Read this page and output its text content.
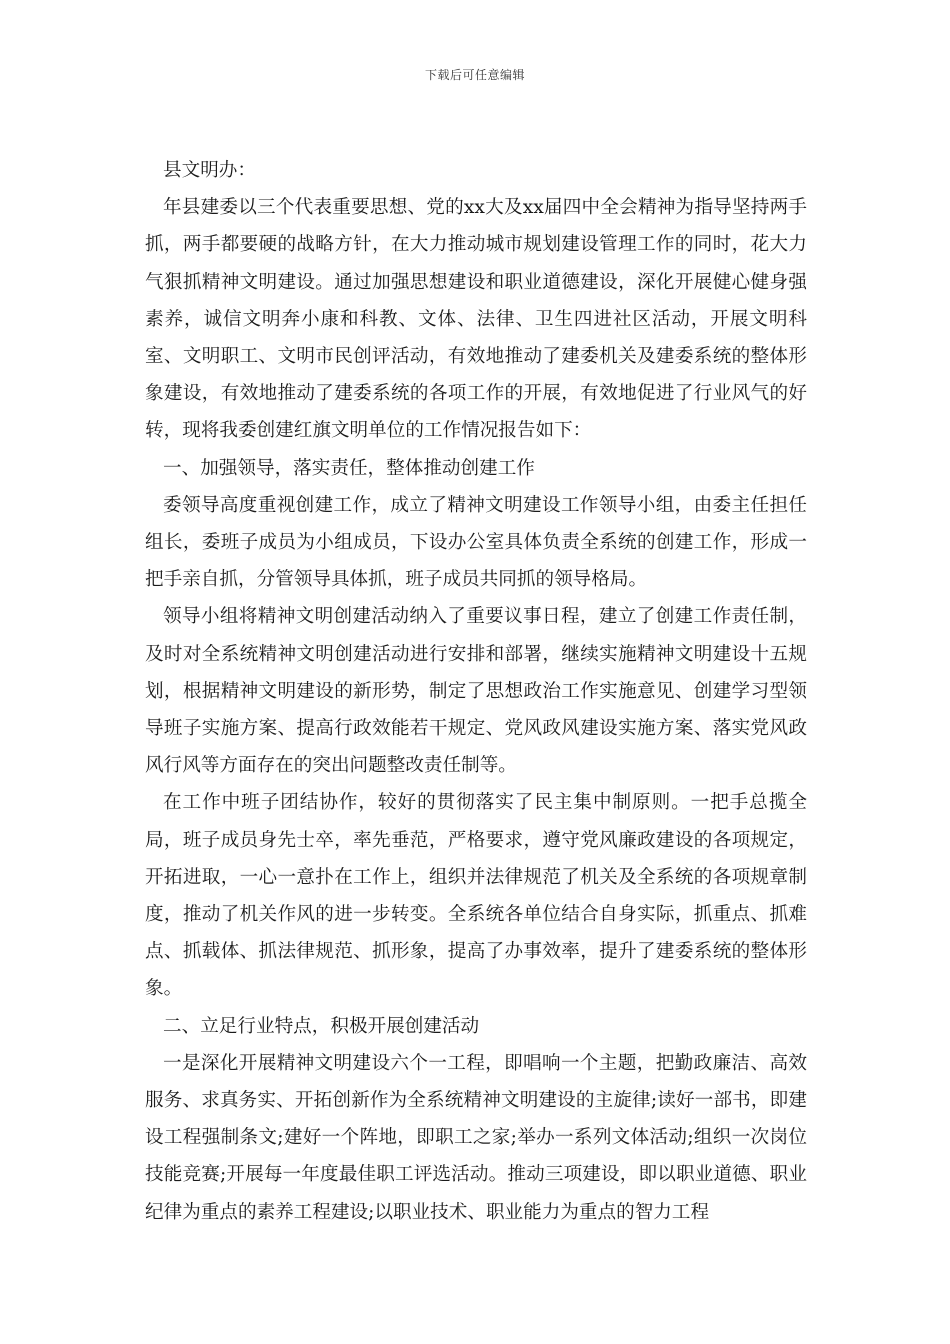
下载后可任意编辑

县文明办：

年县建委以三个代表重要思想、党的xx大及xx届四中全会精神为指导坚持两手抓，两手都要硬的战略方针，在大力推动城市规划建设管理工作的同时，花大力气狠抓精神文明建设。通过加强思想建设和职业道德建设，深化开展健心健身强素养，诚信文明奔小康和科教、文体、法律、卫生四进社区活动，开展文明科室、文明职工、文明市民创评活动，有效地推动了建委机关及建委系统的整体形象建设，有效地推动了建委系统的各项工作的开展，有效地促进了行业风气的好转，现将我委创建红旗文明单位的工作情况报告如下：

一、加强领导，落实责任，整体推动创建工作

委领导高度重视创建工作，成立了精神文明建设工作领导小组，由委主任担任组长，委班子成员为小组成员，下设办公室具体负责全系统的创建工作，形成一把手亲自抓，分管领导具体抓，班子成员共同抓的领导格局。

领导小组将精神文明创建活动纳入了重要议事日程，建立了创建工作责任制，及时对全系统精神文明创建活动进行安排和部署，继续实施精神文明建设十五规划，根据精神文明建设的新形势，制定了思想政治工作实施意见、创建学习型领导班子实施方案、提高行政效能若干规定、党风政风建设实施方案、落实党风政风行风等方面存在的突出问题整改责任制等。

在工作中班子团结协作，较好的贯彻落实了民主集中制原则。一把手总揽全局，班子成员身先士卒，率先垂范，严格要求，遵守党风廉政建设的各项规定，开拓进取，一心一意扑在工作上，组织并法律规范了机关及全系统的各项规章制度，推动了机关作风的进一步转变。全系统各单位结合自身实际，抓重点、抓难点、抓载体、抓法律规范、抓形象，提高了办事效率，提升了建委系统的整体形象。

二、立足行业特点，积极开展创建活动

一是深化开展精神文明建设六个一工程，即唱响一个主题，把勤政廉洁、高效服务、求真务实、开拓创新作为全系统精神文明建设的主旋律;读好一部书，即建设工程强制条文;建好一个阵地，即职工之家;举办一系列文体活动;组织一次岗位技能竞赛;开展每一年度最佳职工评选活动。推动三项建设，即以职业道德、职业纪律为重点的素养工程建设;以职业技术、职业能力为重点的智力工程
